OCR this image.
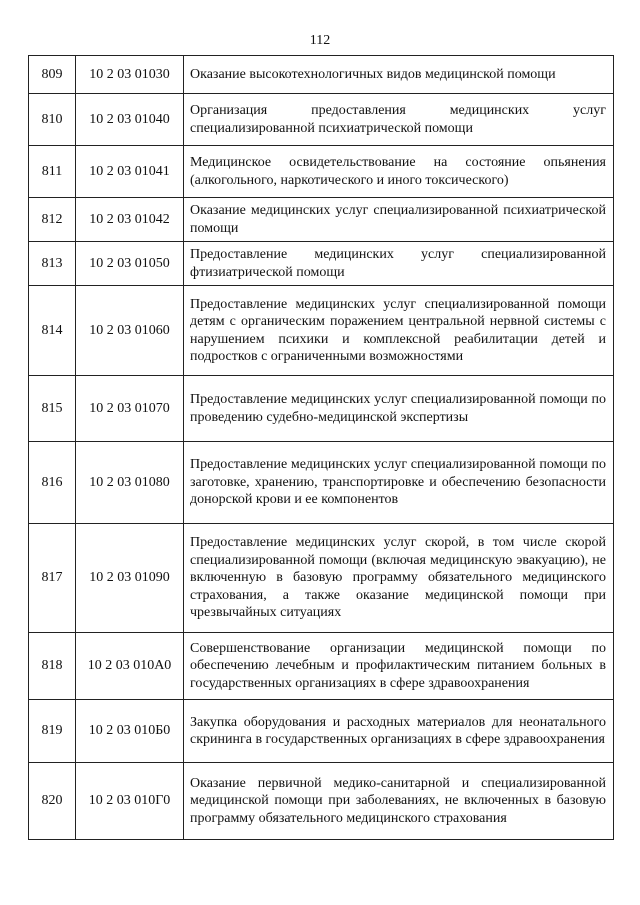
112
809	10 2 03 01030	Оказание высокотехнологичных видов медицинской помощи
810	10 2 03 01040	Организация предоставления медицинских услуг специализированной психиатрической помощи
811	10 2 03 01041	Медицинское освидетельствование на состояние опьянения (алкогольного, наркотического и иного токсического)
812	10 2 03 01042	Оказание медицинских услуг специализированной психиатрической помощи
813	10 2 03 01050	Предоставление медицинских услуг специализированной фтизиатрической помощи
814	10 2 03 01060	Предоставление медицинских услуг специализированной помощи детям с органическим поражением центральной нервной системы с нарушением психики и комплексной реабилитации детей и подростков с ограниченными возможностями
815	10 2 03 01070	Предоставление медицинских услуг специализированной помощи по проведению судебно-медицинской экспертизы
816	10 2 03 01080	Предоставление медицинских услуг специализированной помощи по заготовке, хранению, транспортировке и обеспечению безопасности донорской крови и ее компонентов
817	10 2 03 01090	Предоставление медицинских услуг скорой, в том числе скорой специализированной помощи (включая медицинскую эвакуацию), не включенную в базовую программу обязательного медицинского страхования, а также оказание медицинской помощи при чрезвычайных ситуациях
818	10 2 03 010А0	Совершенствование организации медицинской помощи по обеспечению лечебным и профилактическим питанием больных в государственных организациях в сфере здравоохранения
819	10 2 03 010Б0	Закупка оборудования и расходных материалов для неонатального скрининга в государственных организациях в сфере здравоохранения
820	10 2 03 010Г0	Оказание первичной медико-санитарной и специализированной медицинской помощи при заболеваниях, не включенных в базовую программу обязательного медицинского страхования
